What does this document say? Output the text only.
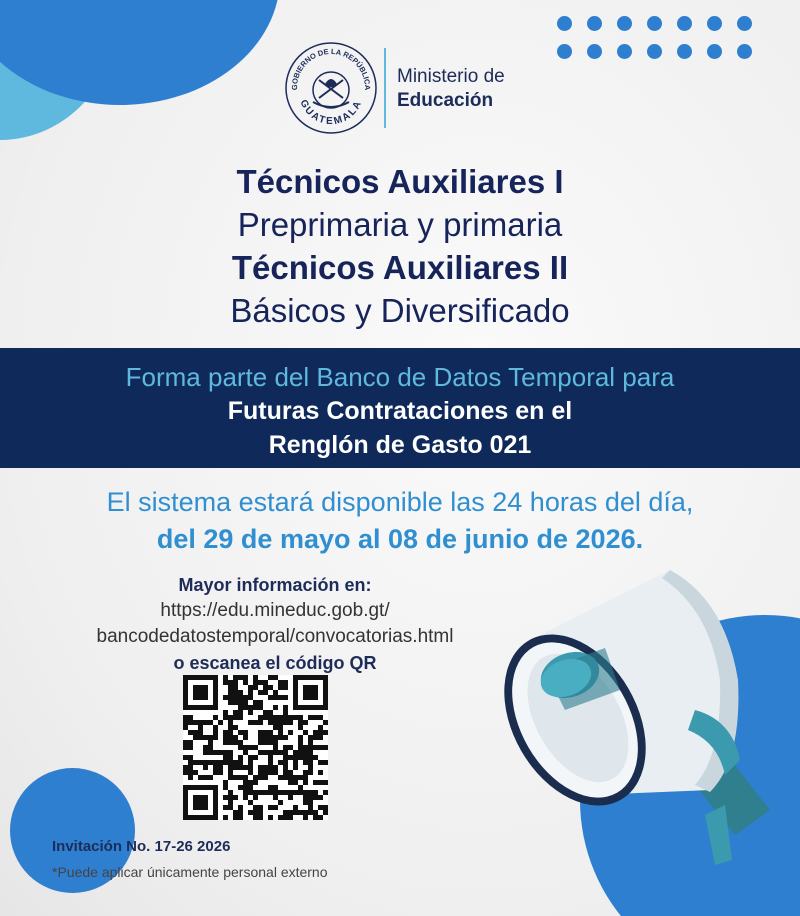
GOBIERNO DE LA REPÚBLICA
GUATEMALA
Ministerio de
Educación
Técnicos Auxiliares I
Preprimaria y primaria
Técnicos Auxiliares II
Básicos y Diversificado
Forma parte del Banco de Datos Temporal para
Futuras Contrataciones en el
Renglón de Gasto 021
El sistema estará disponible las 24 horas del día,
del 29 de mayo al 08 de junio de 2026.
Mayor información en:
https://edu.mineduc.gob.gt/
bancodedatostemporal/convocatorias.html
o escanea el código QR
Invitación No. 17-26 2026
*Puede aplicar únicamente personal externo
